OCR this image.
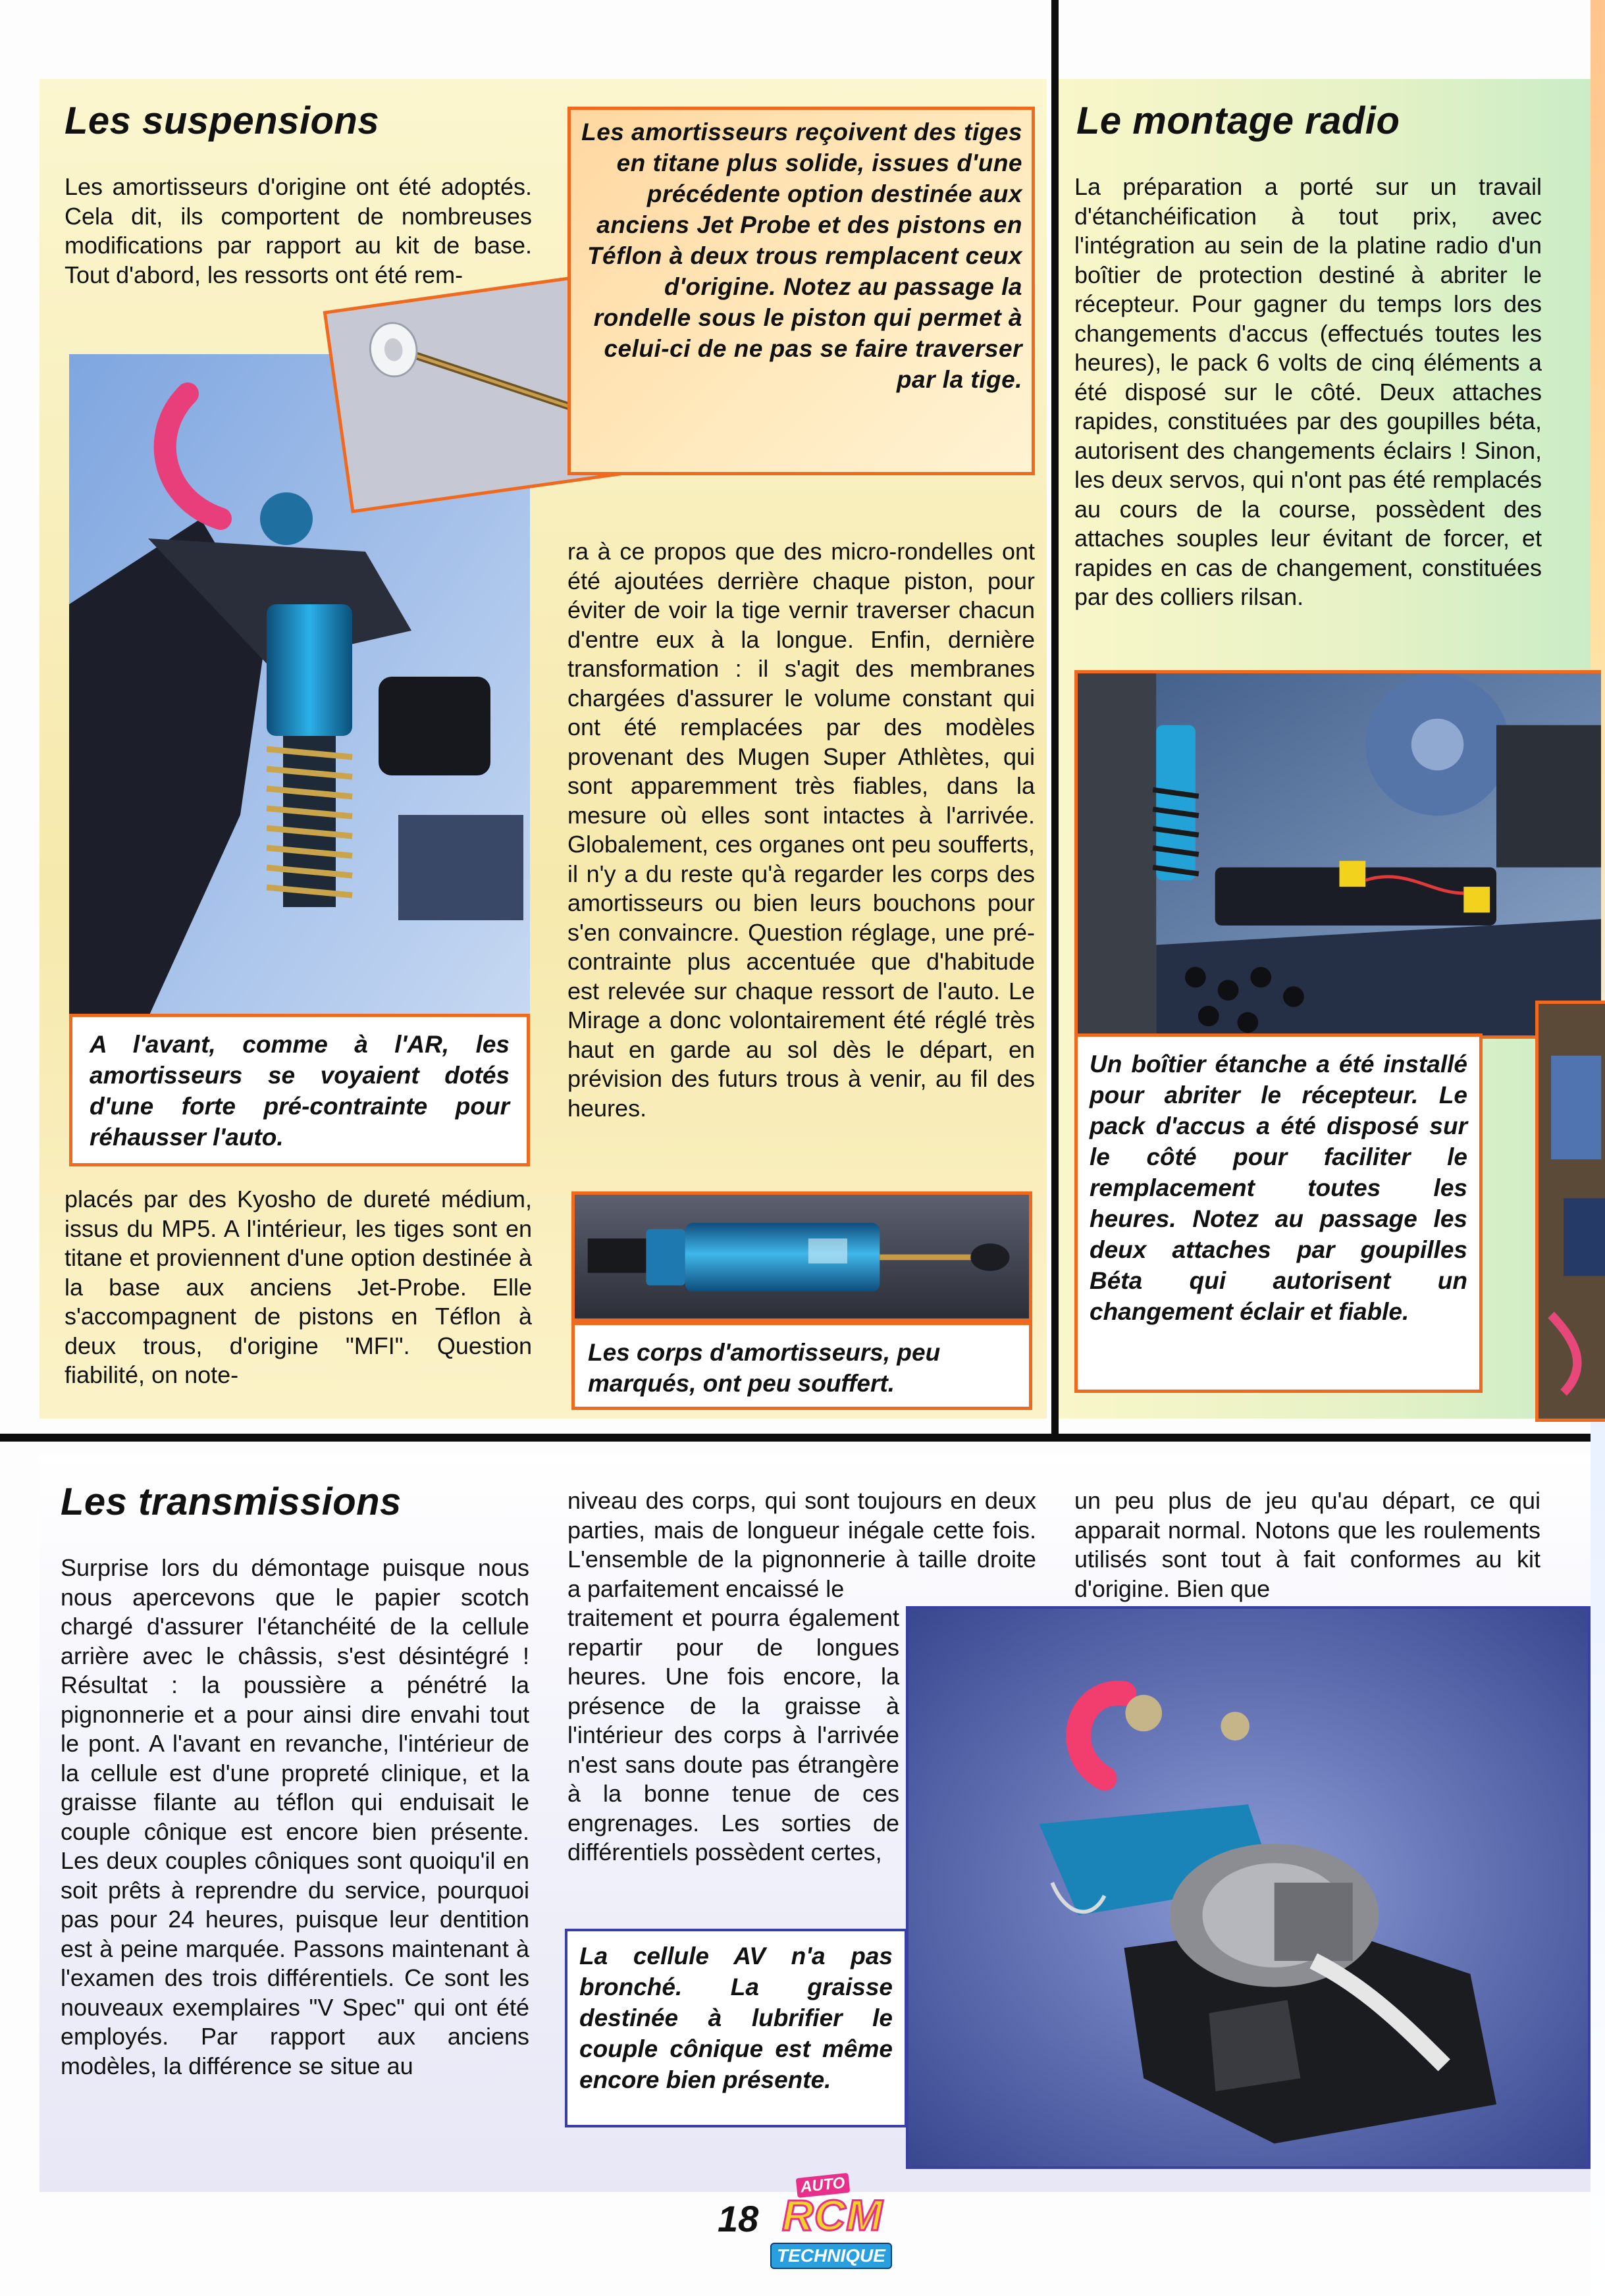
Les suspensions

Les amortisseurs d'origine ont été adoptés. Cela dit, ils comportent de nombreuses modifications par rapport au kit de base. Tout d'abord, les ressorts ont été rem-

A l'avant, comme à l'AR, les amortisseurs se voyaient dotés d'une forte pré-contrainte pour réhausser l'auto.

placés par des Kyosho de dureté médium, issus du MP5. A l'intérieur, les tiges sont en titane et proviennent d'une option destinée à la base aux anciens Jet-Probe. Elle s'accompagnent de pistons en Téflon à deux trous, d'origine "MFI". Question fiabilité, on note-

Les amortisseurs reçoivent des tiges en titane plus solide, issues d'une précédente option destinée aux anciens Jet Probe et des pistons en Téflon à deux trous remplacent ceux d'origine. Notez au passage la rondelle sous le piston qui permet à celui-ci de ne pas se faire traverser par la tige.

ra à ce propos que des micro-rondelles ont été ajoutées derrière chaque piston, pour éviter de voir la tige vernir traverser chacun d'entre eux à la longue. Enfin, dernière transformation : il s'agit des membranes chargées d'assurer le volume constant qui ont été remplacées par des modèles provenant des Mugen Super Athlètes, qui sont apparemment très fiables, dans la mesure où elles sont intactes à l'arrivée. Globalement, ces organes ont peu soufferts, il n'y a du reste qu'à regarder les corps des amortisseurs ou bien leurs bouchons pour s'en convaincre. Question réglage, une pré-contrainte plus accentuée que d'habitude est relevée sur chaque ressort de l'auto. Le Mirage a donc volontairement été réglé très haut en garde au sol dès le départ, en prévision des futurs trous à venir, au fil des heures.

Les corps d'amortisseurs, peu marqués, ont peu souffert.

Le montage radio

La préparation a porté sur un travail d'étanchéification à tout prix, avec l'intégration au sein de la platine radio d'un boîtier de protection destiné à abriter le récepteur. Pour gagner du temps lors des changements d'accus (effectués toutes les heures), le pack 6 volts de cinq éléments a été disposé sur le côté. Deux attaches rapides, constituées par des goupilles béta, autorisent des changements éclairs ! Sinon, les deux servos, qui n'ont pas été remplacés au cours de la course, possèdent des attaches souples leur évitant de forcer, et rapides en cas de changement, constituées par des colliers rilsan.

Un boîtier étanche a été installé pour abriter le récepteur. Le pack d'accus a été disposé sur le côté pour faciliter le remplacement toutes les heures. Notez au passage les deux attaches par goupilles Béta qui autorisent un changement éclair et fiable.

Les transmissions

Surprise lors du démontage puisque nous nous apercevons que le papier scotch chargé d'assurer l'étanchéité de la cellule arrière avec le châssis, s'est désintégré ! Résultat : la poussière a pénétré la pignonnerie et a pour ainsi dire envahi tout le pont. A l'avant en revanche, l'intérieur de la cellule est d'une propreté clinique, et la graisse filante au téflon qui enduisait le couple cônique est encore bien présente. Les deux couples côniques sont quoiqu'il en soit prêts à reprendre du service, pourquoi pas pour 24 heures, puisque leur dentition est à peine marquée. Passons maintenant à l'examen des trois différentiels. Ce sont les nouveaux exemplaires "V Spec" qui ont été employés. Par rapport aux anciens modèles, la différence se situe au

niveau des corps, qui sont toujours en deux parties, mais de longueur inégale cette fois. L'ensemble de la pignonnerie à taille droite a parfaitement encaissé le

traitement et pourra également repartir pour de longues heures. Une fois encore, la présence de la graisse à l'intérieur des corps à l'arrivée n'est sans doute pas étrangère à la bonne tenue de ces engrenages. Les sorties de différentiels possèdent certes,

un peu plus de jeu qu'au départ, ce qui apparait normal. Notons que les roulements utilisés sont tout à fait conformes au kit d'origine. Bien que

La cellule AV n'a pas bronché. La graisse destinée à lubrifier le couple cônique est même encore bien présente.

18
AUTO
RCM
TECHNIQUE
